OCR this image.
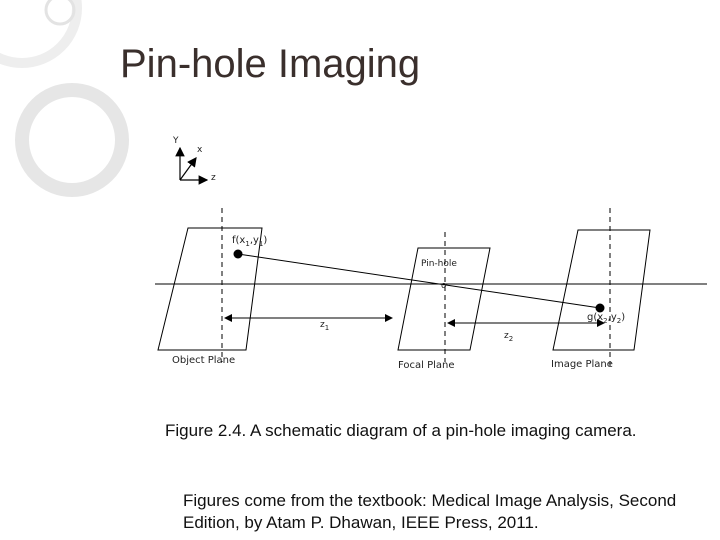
Pin-hole Imaging
Y
x
z
$f(x_1,y_1)$
Pin-hole
o
$g(x_2,y_2)$
$z_1$
$z_2$
Object Plane	Focal Plane	Image Plane
Figure 2.4. A schematic diagram of a pin-hole imaging camera.
Figures come from the textbook: Medical Image Analysis, Second Edition, by Atam P. Dhawan, IEEE Press, 2011.
